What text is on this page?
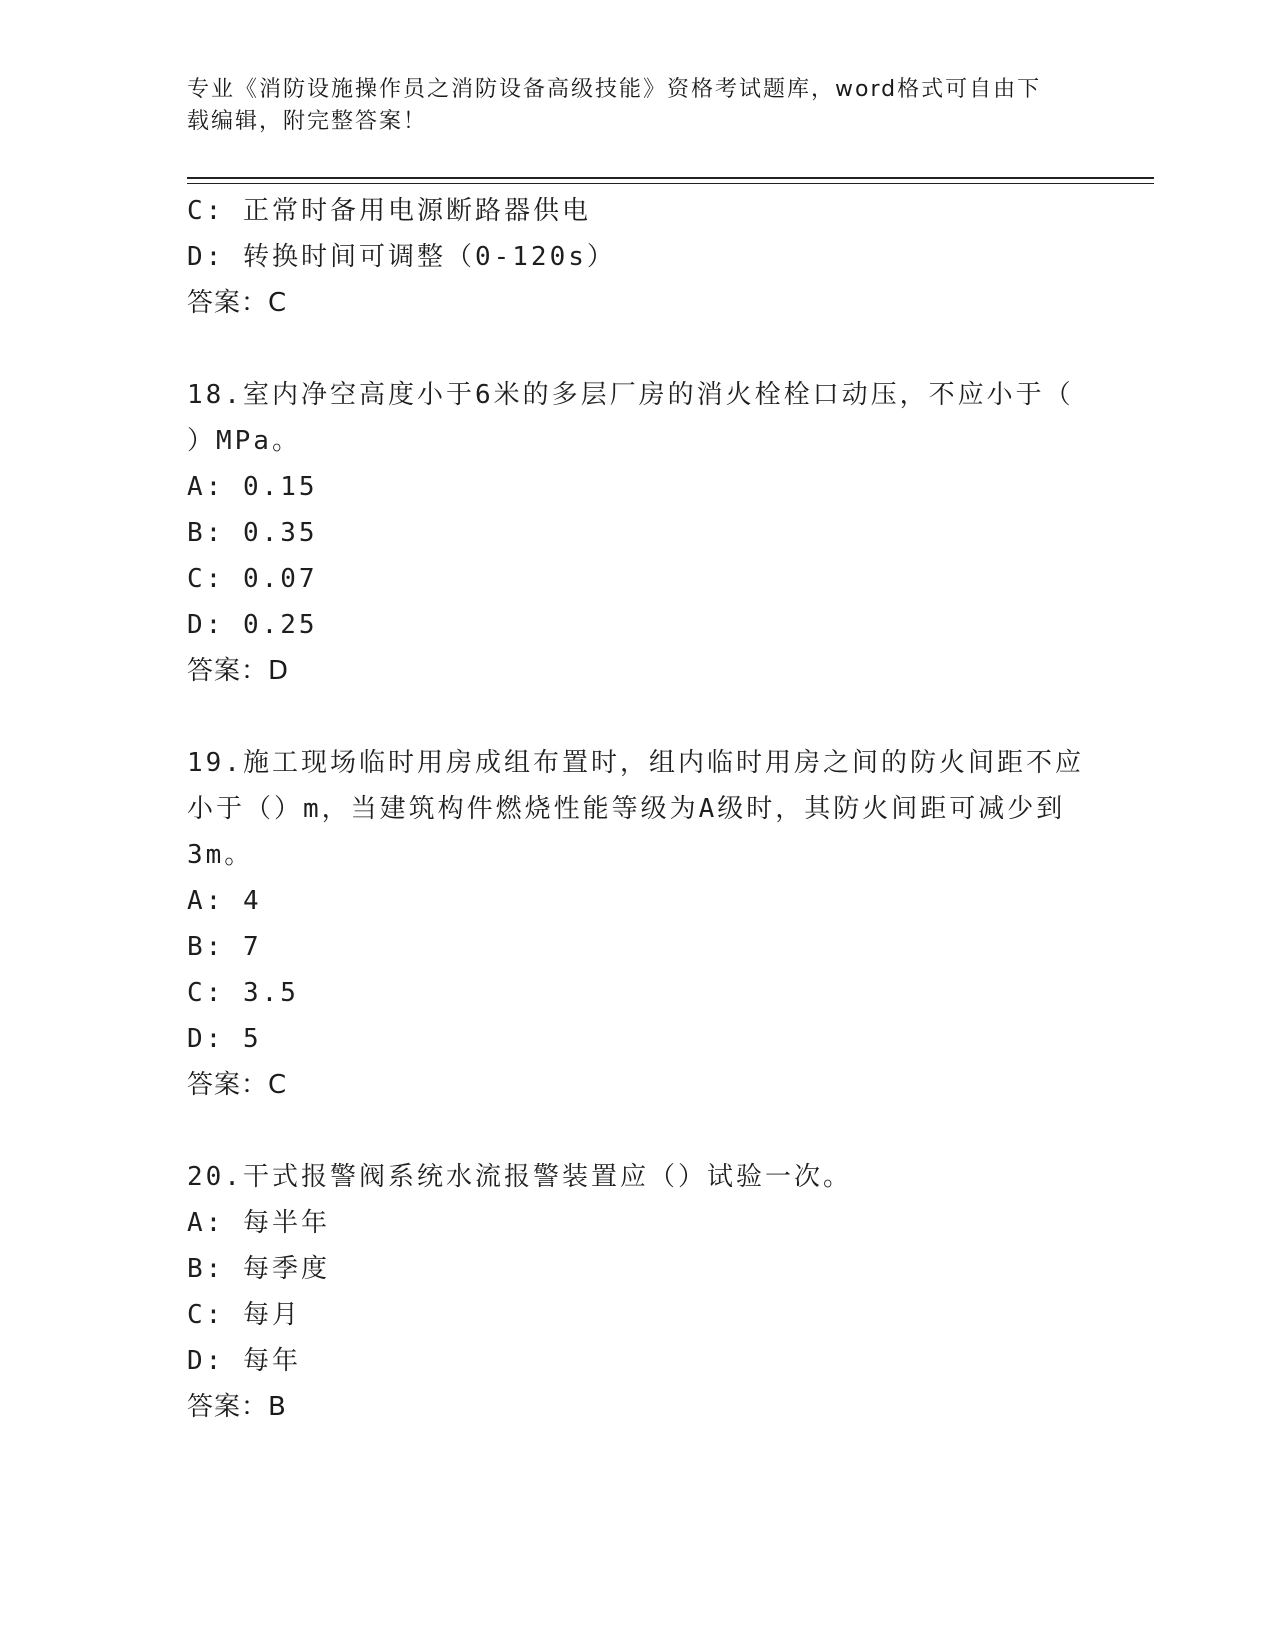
专业《消防设施操作员之消防设备高级技能》资格考试题库，word格式可自由下
载编辑，附完整答案！
C: 正常时备用电源断路器供电
D: 转换时间可调整（0-120s）
答案：C
18.室内净空高度小于6米的多层厂房的消火栓栓口动压，不应小于（
）MPa。
A: 0.15
B: 0.35
C: 0.07
D: 0.25
答案：D
19.施工现场临时用房成组布置时，组内临时用房之间的防火间距不应
小于（）m，当建筑构件燃烧性能等级为A级时，其防火间距可减少到
3m。
A: 4
B: 7
C: 3.5
D: 5
答案：C
20.干式报警阀系统水流报警装置应（）试验一次。
A: 每半年
B: 每季度
C: 每月
D: 每年
答案：B
